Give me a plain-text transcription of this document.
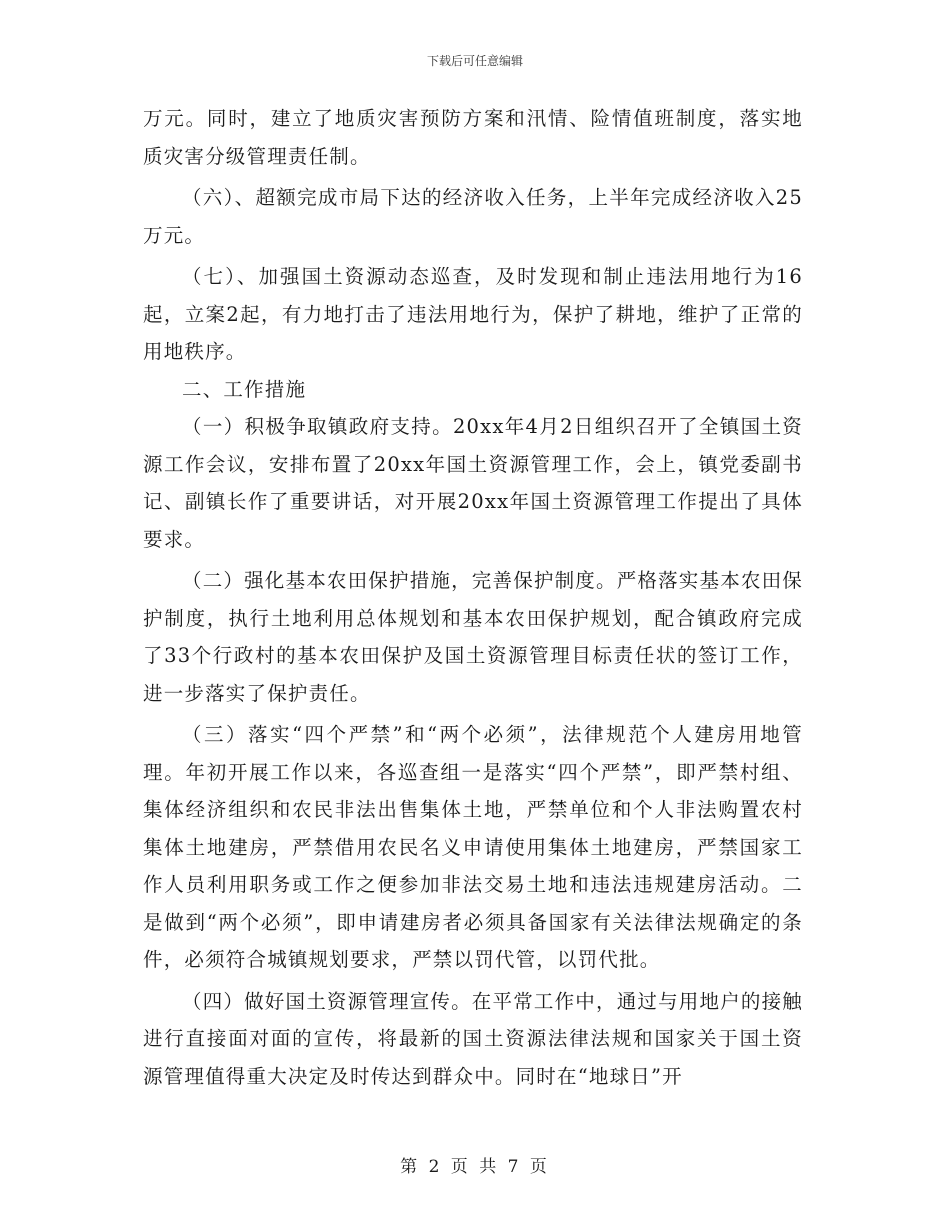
下载后可任意编辑

万元。同时，建立了地质灾害预防方案和汛情、险情值班制度，落实地质灾害分级管理责任制。

（六）、超额完成市局下达的经济收入任务，上半年完成经济收入25万元。

（七）、加强国土资源动态巡查，及时发现和制止违法用地行为16起，立案2起，有力地打击了违法用地行为，保护了耕地，维护了正常的用地秩序。

二、工作措施

（一）积极争取镇政府支持。20xx年4月2日组织召开了全镇国土资源工作会议，安排布置了20xx年国土资源管理工作，会上，镇党委副书记、副镇长作了重要讲话，对开展20xx年国土资源管理工作提出了具体要求。

（二）强化基本农田保护措施，完善保护制度。严格落实基本农田保护制度，执行土地利用总体规划和基本农田保护规划，配合镇政府完成了33个行政村的基本农田保护及国土资源管理目标责任状的签订工作，进一步落实了保护责任。

（三）落实“四个严禁”和“两个必须”，法律规范个人建房用地管理。年初开展工作以来，各巡查组一是落实“四个严禁”，即严禁村组、集体经济组织和农民非法出售集体土地，严禁单位和个人非法购置农村集体土地建房，严禁借用农民名义申请使用集体土地建房，严禁国家工作人员利用职务或工作之便参加非法交易土地和违法违规建房活动。二是做到“两个必须”，即申请建房者必须具备国家有关法律法规确定的条件，必须符合城镇规划要求，严禁以罚代管，以罚代批。

（四）做好国土资源管理宣传。在平常工作中，通过与用地户的接触进行直接面对面的宣传，将最新的国土资源法律法规和国家关于国土资源管理值得重大决定及时传达到群众中。同时在“地球日”开

第 2 页 共 7 页
